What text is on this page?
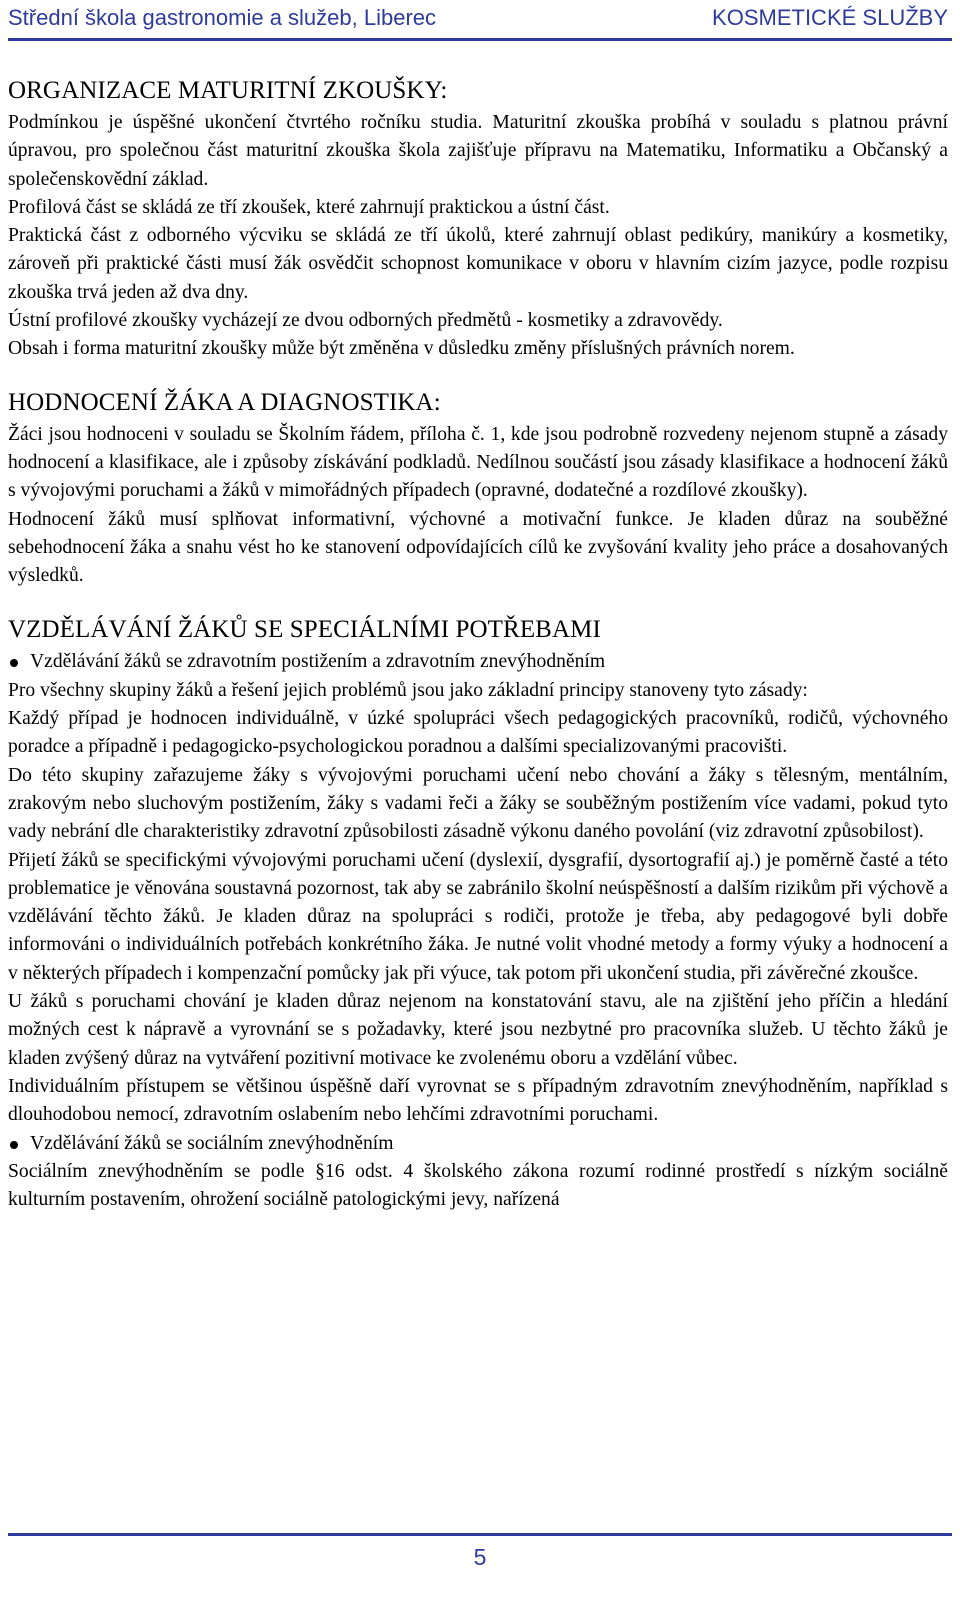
Střední škola gastronomie a služeb, Liberec	KOSMETICKÉ SLUŽBY
ORGANIZACE MATURITNÍ ZKOUŠKY:

Podmínkou je úspěšné ukončení čtvrtého ročníku studia. Maturitní zkouška probíhá v souladu s platnou právní úpravou, pro společnou část maturitní zkouška škola zajišťuje přípravu na Matematiku, Informatiku a Občanský a společenskovědní základ.

Profilová část se skládá ze tří zkoušek, které zahrnují praktickou a ústní část.

Praktická část z odborného výcviku se skládá ze tří úkolů, které zahrnují oblast pedikúry, manikúry a kosmetiky, zároveň při praktické části musí žák osvědčit schopnost komunikace v oboru v hlavním cizím jazyce, podle rozpisu zkouška trvá jeden až dva dny.

Ústní profilové zkoušky vycházejí ze dvou odborných předmětů - kosmetiky a zdravovědy.

Obsah i forma maturitní zkoušky může být změněna v důsledku změny příslušných právních norem.

HODNOCENÍ ŽÁKA A DIAGNOSTIKA:

Žáci jsou hodnoceni v souladu se Školním řádem, příloha č. 1, kde jsou podrobně rozvedeny nejenom stupně a zásady hodnocení a klasifikace, ale i způsoby získávání podkladů. Nedílnou součástí jsou zásady klasifikace a hodnocení žáků s vývojovými poruchami a žáků v mimořádných případech (opravné, dodatečné a rozdílové zkoušky).

Hodnocení žáků musí splňovat informativní, výchovné a motivační funkce. Je kladen důraz na souběžné sebehodnocení žáka a snahu vést ho ke stanovení odpovídajících cílů ke zvyšování kvality jeho práce a dosahovaných výsledků.

VZDĚLÁVÁNÍ ŽÁKŮ SE SPECIÁLNÍMI POTŘEBAMI

Vzdělávání žáků se zdravotním postižením a zdravotním znevýhodněním

Pro všechny skupiny žáků a řešení jejich problémů jsou jako základní principy stanoveny tyto zásady:

Každý případ je hodnocen individuálně, v úzké spolupráci všech pedagogických pracovníků, rodičů, výchovného poradce a případně i pedagogicko-psychologickou poradnou a dalšími specializovanými pracovišti.

Do této skupiny zařazujeme žáky s vývojovými poruchami učení nebo chování a žáky s tělesným, mentálním, zrakovým nebo sluchovým postižením, žáky s vadami řeči a žáky se souběžným postižením více vadami, pokud tyto vady nebrání dle charakteristiky zdravotní způsobilosti zásadně výkonu daného povolání (viz zdravotní způsobilost).

Přijetí žáků se specifickými vývojovými poruchami učení (dyslexií, dysgrafií, dysortografií aj.) je poměrně časté a této problematice je věnována soustavná pozornost, tak aby se zabránilo školní neúspěšností a dalším rizikům při výchově a vzdělávání těchto žáků. Je kladen důraz na spolupráci s rodiči, protože je třeba, aby pedagogové byli dobře informováni o individuálních potřebách konkrétního žáka. Je nutné volit vhodné metody a formy výuky a hodnocení a v některých případech i kompenzační pomůcky jak při výuce, tak potom při ukončení studia, při závěrečné zkoušce.

U žáků s poruchami chování je kladen důraz nejenom na konstatování stavu, ale na zjištění jeho příčin a hledání možných cest k nápravě a vyrovnání se s požadavky, které jsou nezbytné pro pracovníka služeb. U těchto žáků je kladen zvýšený důraz na vytváření pozitivní motivace ke zvolenému oboru a vzdělání vůbec.

Individuálním přístupem se většinou úspěšně daří vyrovnat se s případným zdravotním znevýhodněním, například s dlouhodobou nemocí, zdravotním oslabením nebo lehčími zdravotními poruchami.

Vzdělávání žáků se sociálním znevýhodněním

Sociálním znevýhodněním se podle §16 odst. 4 školského zákona rozumí rodinné prostředí s nízkým sociálně kulturním postavením, ohrožení sociálně patologickými jevy, nařízená

5
